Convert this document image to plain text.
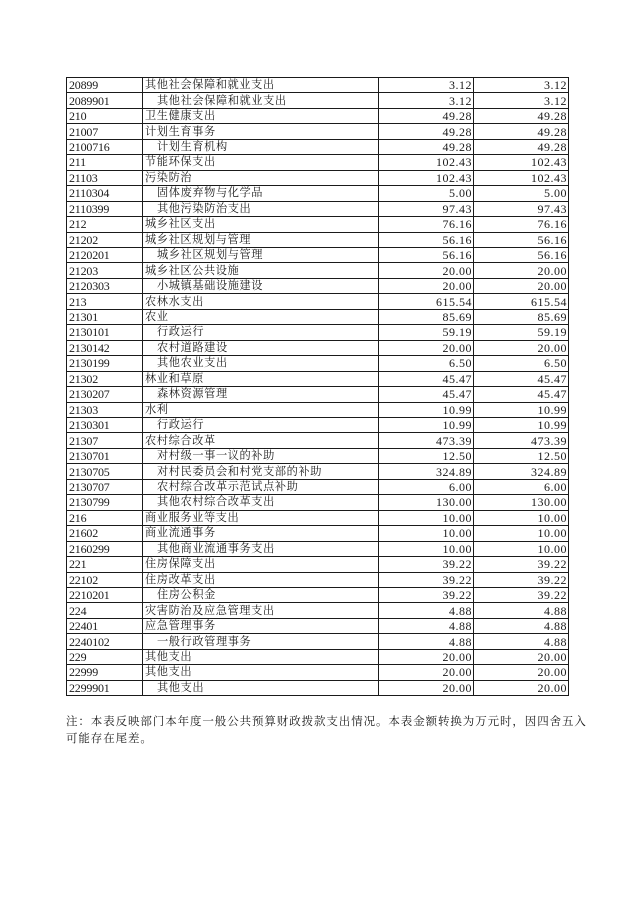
20899	其他社会保障和就业支出	3.12	3.12
2089901	其他社会保障和就业支出	3.12	3.12
210	卫生健康支出	49.28	49.28
21007	计划生育事务	49.28	49.28
2100716	计划生育机构	49.28	49.28
211	节能环保支出	102.43	102.43
21103	污染防治	102.43	102.43
2110304	固体废弃物与化学品	5.00	5.00
2110399	其他污染防治支出	97.43	97.43
212	城乡社区支出	76.16	76.16
21202	城乡社区规划与管理	56.16	56.16
2120201	城乡社区规划与管理	56.16	56.16
21203	城乡社区公共设施	20.00	20.00
2120303	小城镇基础设施建设	20.00	20.00
213	农林水支出	615.54	615.54
21301	农业	85.69	85.69
2130101	行政运行	59.19	59.19
2130142	农村道路建设	20.00	20.00
2130199	其他农业支出	6.50	6.50
21302	林业和草原	45.47	45.47
2130207	森林资源管理	45.47	45.47
21303	水利	10.99	10.99
2130301	行政运行	10.99	10.99
21307	农村综合改革	473.39	473.39
2130701	对村级一事一议的补助	12.50	12.50
2130705	对村民委员会和村党支部的补助	324.89	324.89
2130707	农村综合改革示范试点补助	6.00	6.00
2130799	其他农村综合改革支出	130.00	130.00
216	商业服务业等支出	10.00	10.00
21602	商业流通事务	10.00	10.00
2160299	其他商业流通事务支出	10.00	10.00
221	住房保障支出	39.22	39.22
22102	住房改革支出	39.22	39.22
2210201	住房公积金	39.22	39.22
224	灾害防治及应急管理支出	4.88	4.88
22401	应急管理事务	4.88	4.88
2240102	一般行政管理事务	4.88	4.88
229	其他支出	20.00	20.00
22999	其他支出	20.00	20.00
2299901	其他支出	20.00	20.00

注：本表反映部门本年度一般公共预算财政拨款支出情况。本表金额转换为万元时，因四舍五入

可能存在尾差。
